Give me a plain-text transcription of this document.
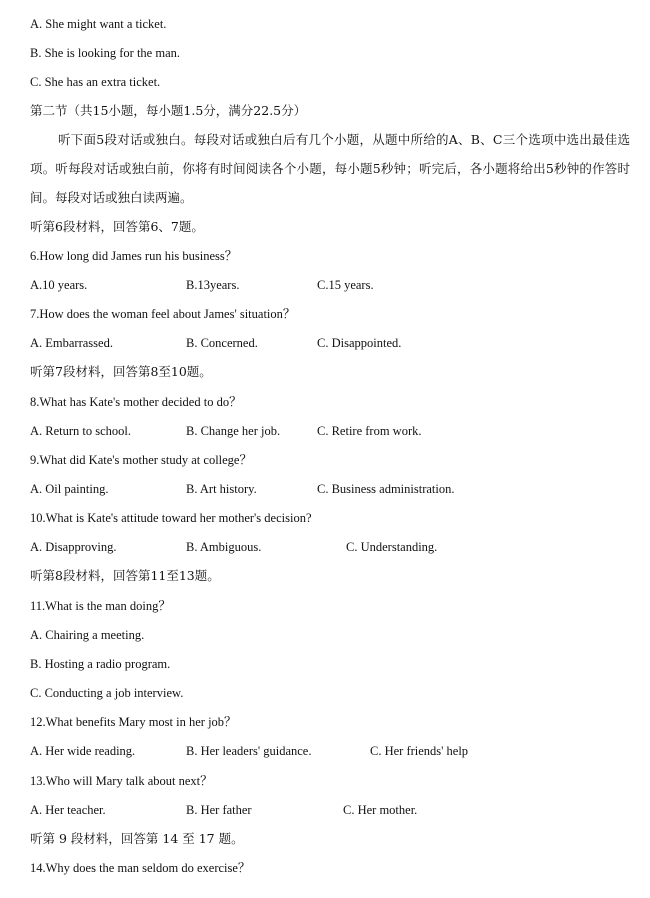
A. She might want a ticket.
B. She is looking for the man.
C. She has an extra ticket.
第二节（共15小题，每小题1.5分，满分22.5分）
听下面5段对话或独白。每段对话或独白后有几个小题，从题中所给的A、B、C三个选项中选出最佳选项。听每段对话或独白前，你将有时间阅读各个小题，每小题5秒钟；听完后，各小题将给出5秒钟的作答时间。每段对话或独白读两遍。
听第6段材料，回答第6、7题。
6.How long did James run his business？
A.10 years.	B.13years.	C.15 years.
7.How does the woman feel about James' situation？
A. Embarrassed.	B. Concerned.	C. Disappointed.
听第7段材料，回答第8至10题。
8.What has Kate's mother decided to do？
A. Return to school.	B. Change her job.	C. Retire from work.
9.What did Kate's mother study at college？
A. Oil painting.	B. Art history.	C. Business administration.
10.What is Kate's attitude toward her mother's decision?
A. Disapproving.	B. Ambiguous.	C. Understanding.
听第8段材料，回答第11至13题。
11.What is the man doing？
A. Chairing a meeting.
B. Hosting a radio program.
C. Conducting a job interview.
12.What benefits Mary most in her job？
A. Her wide reading.	B. Her leaders' guidance.	C. Her friends' help
13.Who will Mary talk about next？
A. Her teacher.	B. Her father	C. Her mother.
听第 9 段材料，回答第 14 至 17 题。
14.Why does the man seldom do exercise？
